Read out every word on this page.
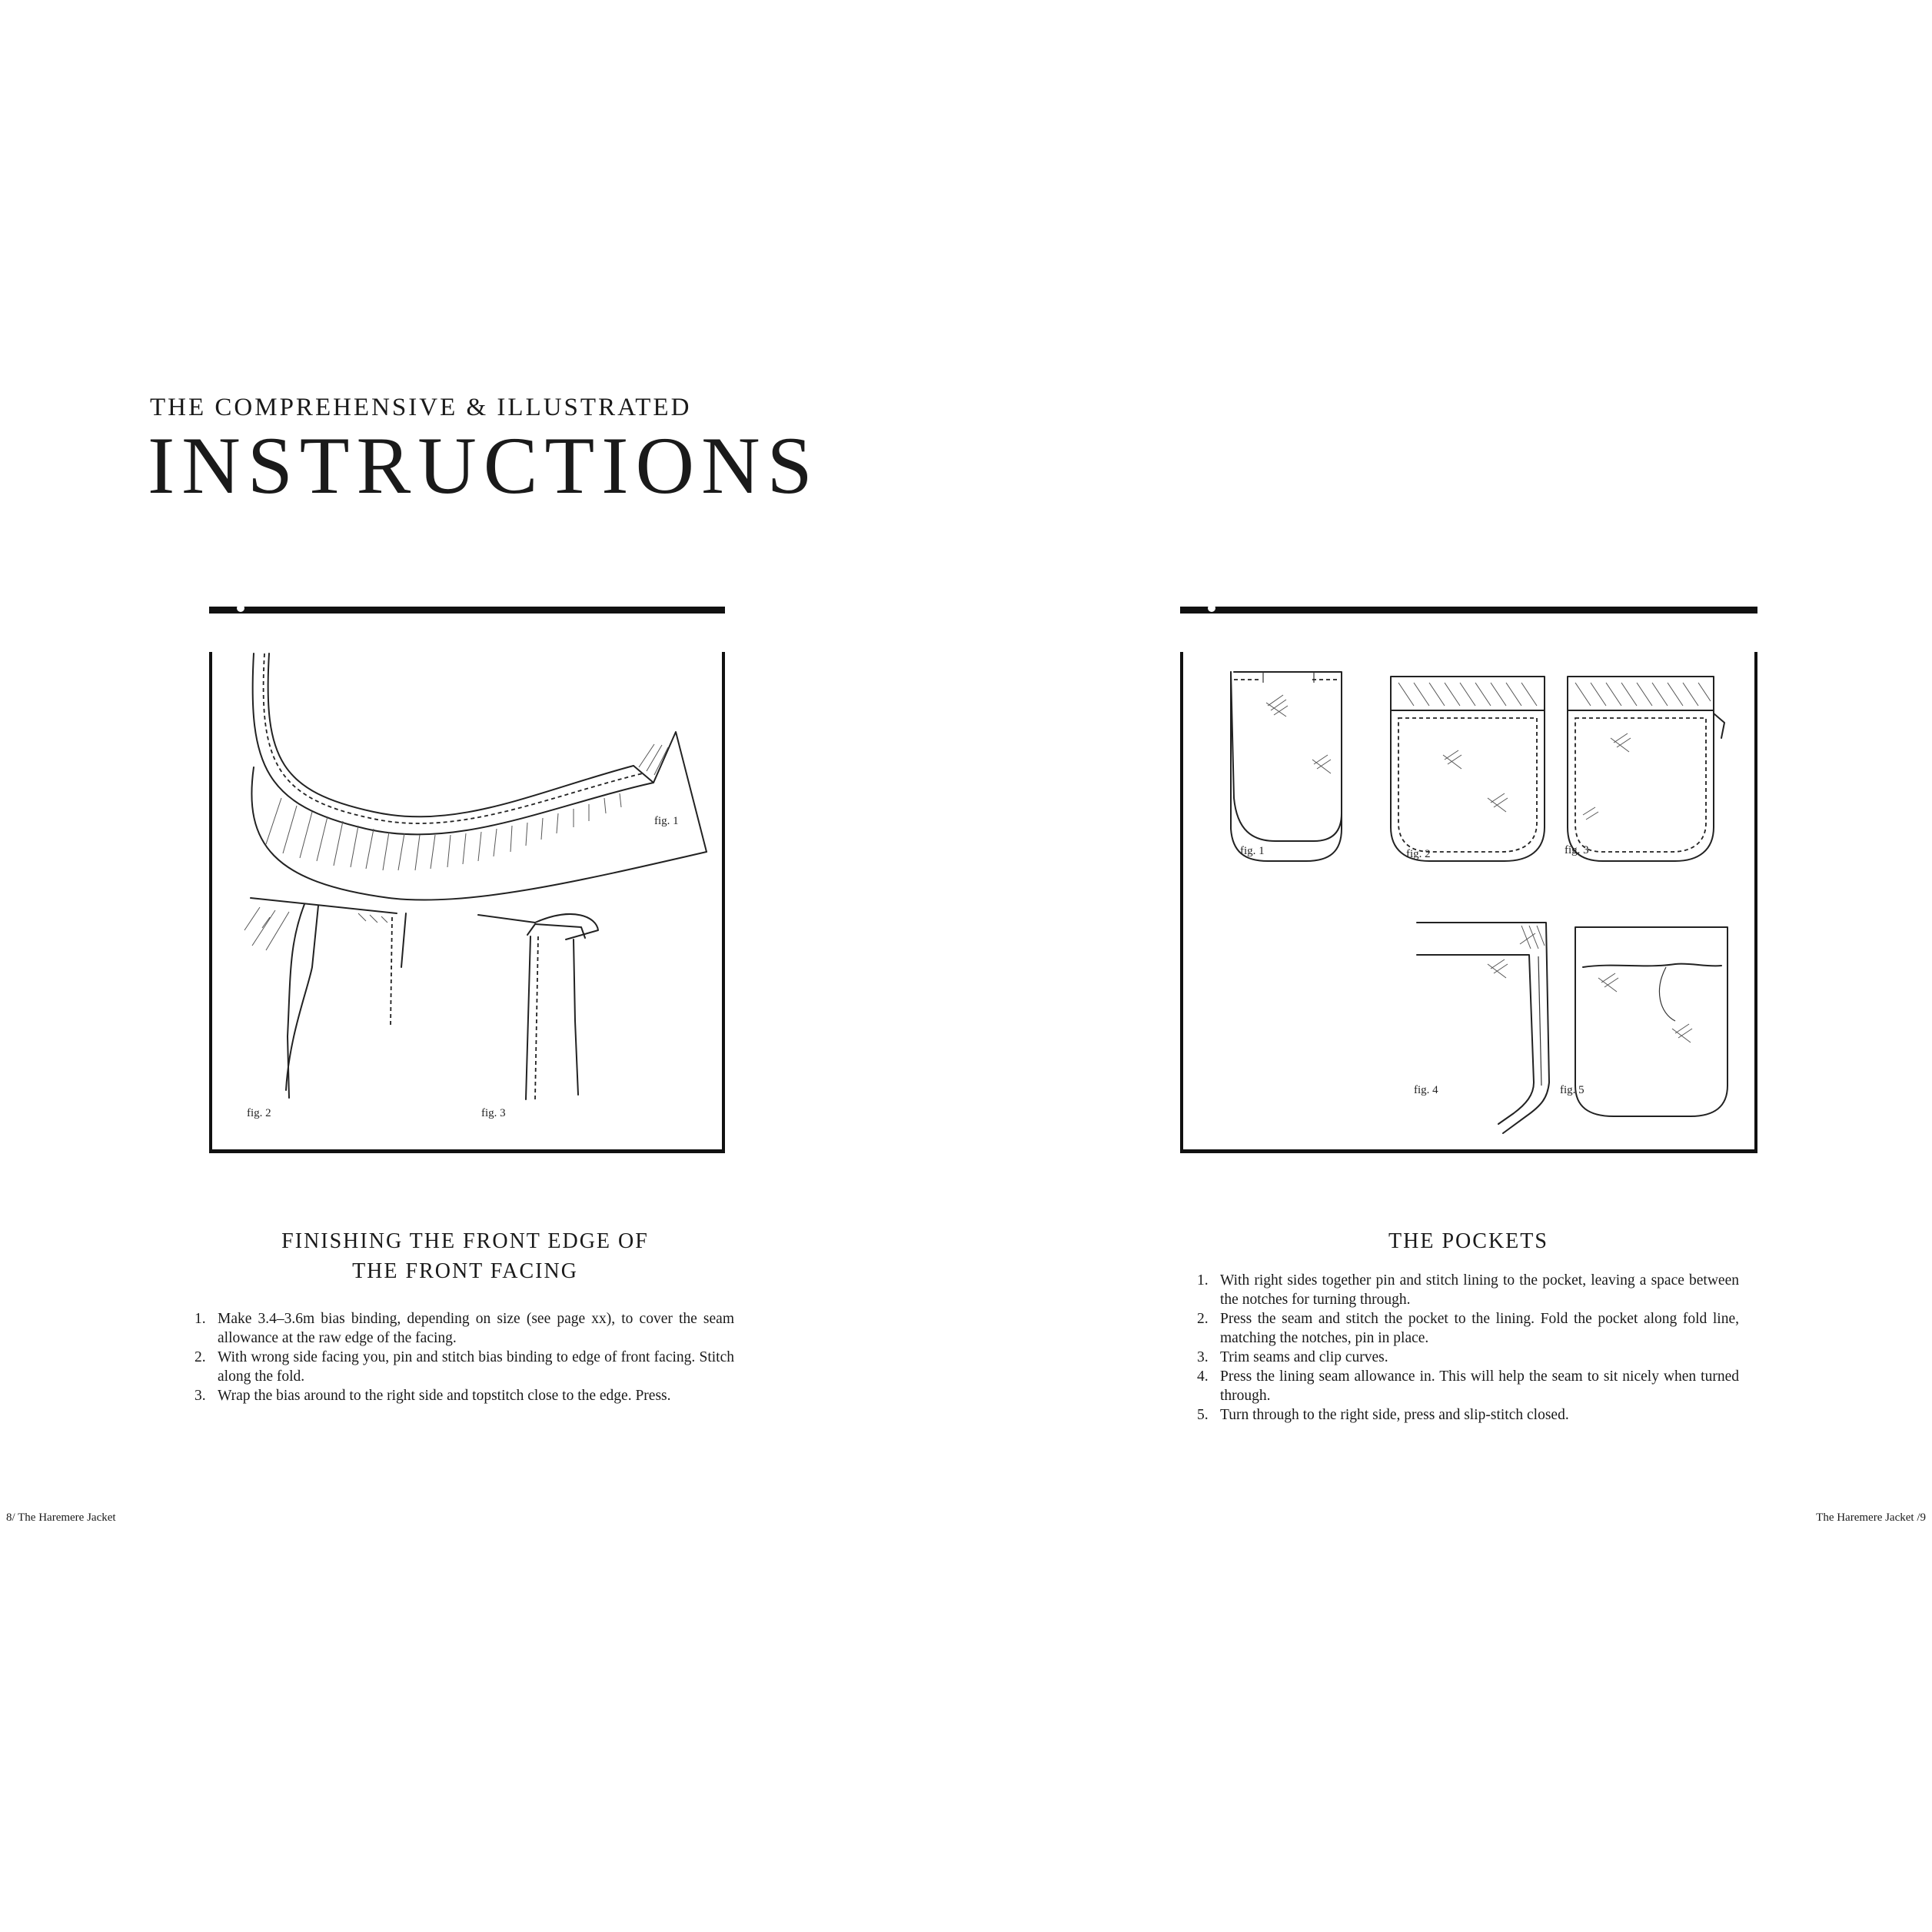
THE COMPREHENSIVE & ILLUSTRATED
INSTRUCTIONS
fig. 1
fig. 2	fig. 3
fig. 1	fig. 2	fig. 3
fig. 4	fig. 5
FINISHING THE FRONT EDGE OF
THE FRONT FACING
1. Make 3.4–3.6m bias binding, depending on size (see page xx), to cover the seam allowance at the raw edge of the facing.
2. With wrong side facing you, pin and stitch bias binding to edge of front facing. Stitch along the fold.
3. Wrap the bias around to the right side and topstitch close to the edge. Press.
THE POCKETS
1. With right sides together pin and stitch lining to the pocket, leaving a space between the notches for turning through.
2. Press the seam and stitch the pocket to the lining. Fold the pocket along fold line, matching the notches, pin in place.
3. Trim seams and clip curves.
4. Press the lining seam allowance in. This will help the seam to sit nicely when turned through.
5. Turn through to the right side, press and slip-stitch closed.
8/ The Haremere Jacket	The Haremere Jacket /9
